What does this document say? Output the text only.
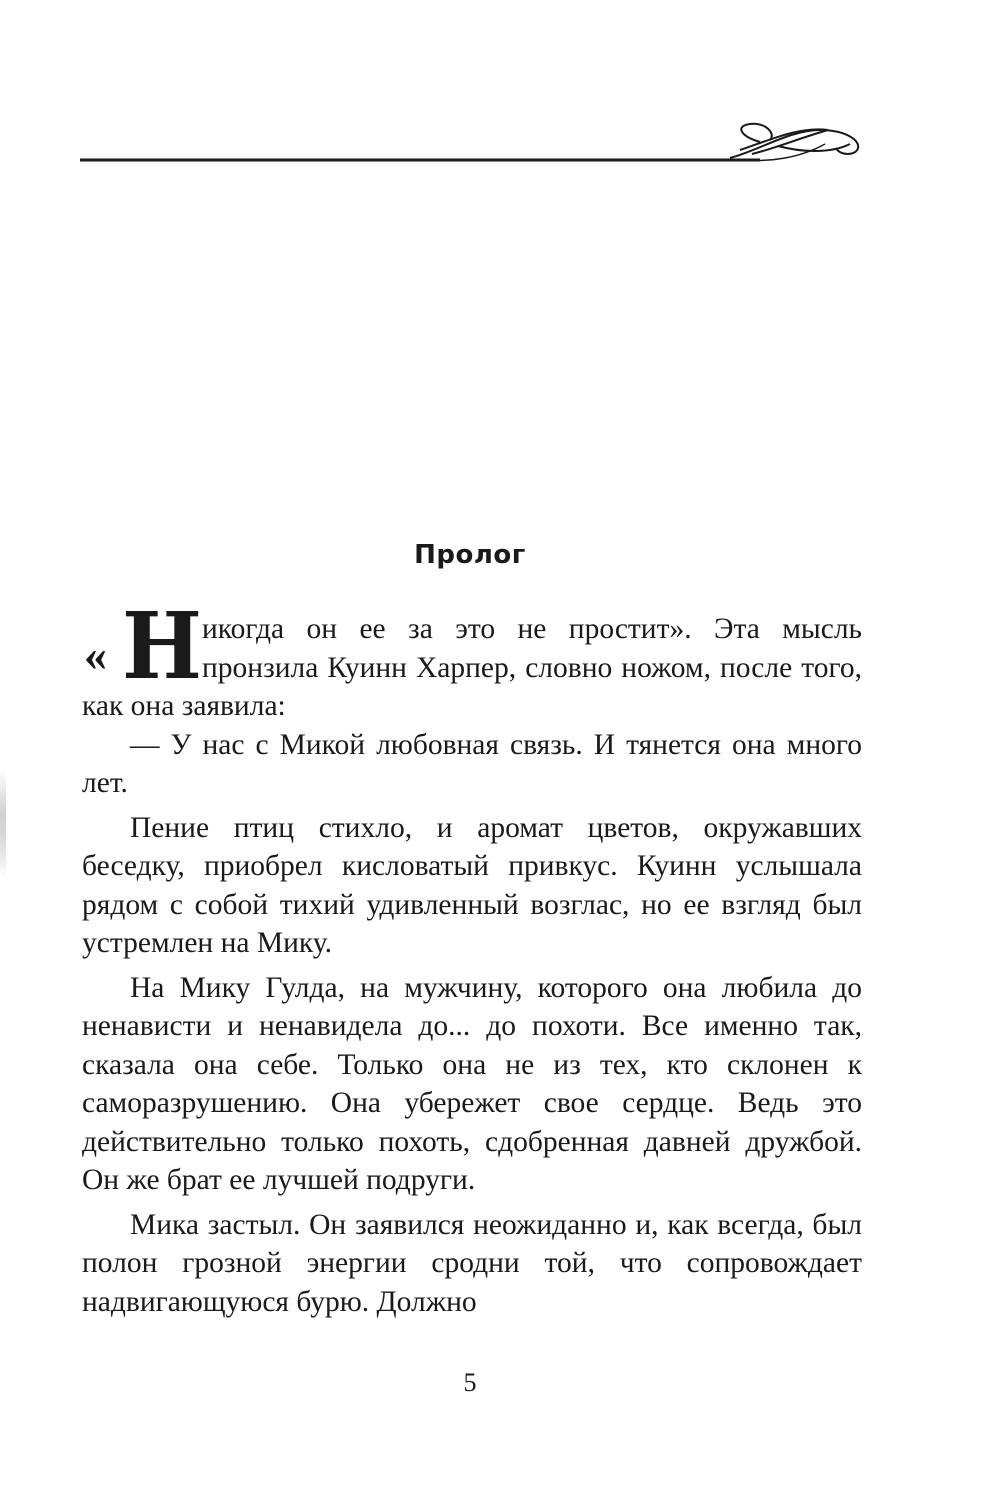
Пролог

« Н икогда он ее за это не простит». Эта мысль пронзила Куинн Харпер, словно ножом, после того, как она заявила:

— У нас с Микой любовная связь. И тянется она много лет.

Пение птиц стихло, и аромат цветов, окружавших беседку, приобрел кисловатый привкус. Куинн услышала рядом с собой тихий удивленный возглас, но ее взгляд был устремлен на Мику.

На Мику Гулда, на мужчину, которого она любила до ненависти и ненавидела до... до похоти. Все именно так, сказала она себе. Только она не из тех, кто склонен к саморазрушению. Она убережет свое сердце. Ведь это действительно только похоть, сдобренная давней дружбой. Он же брат ее лучшей подруги.

Мика застыл. Он заявился неожиданно и, как всегда, был полон грозной энергии сродни той, что сопровождает надвигающуюся бурю. Должно

5
